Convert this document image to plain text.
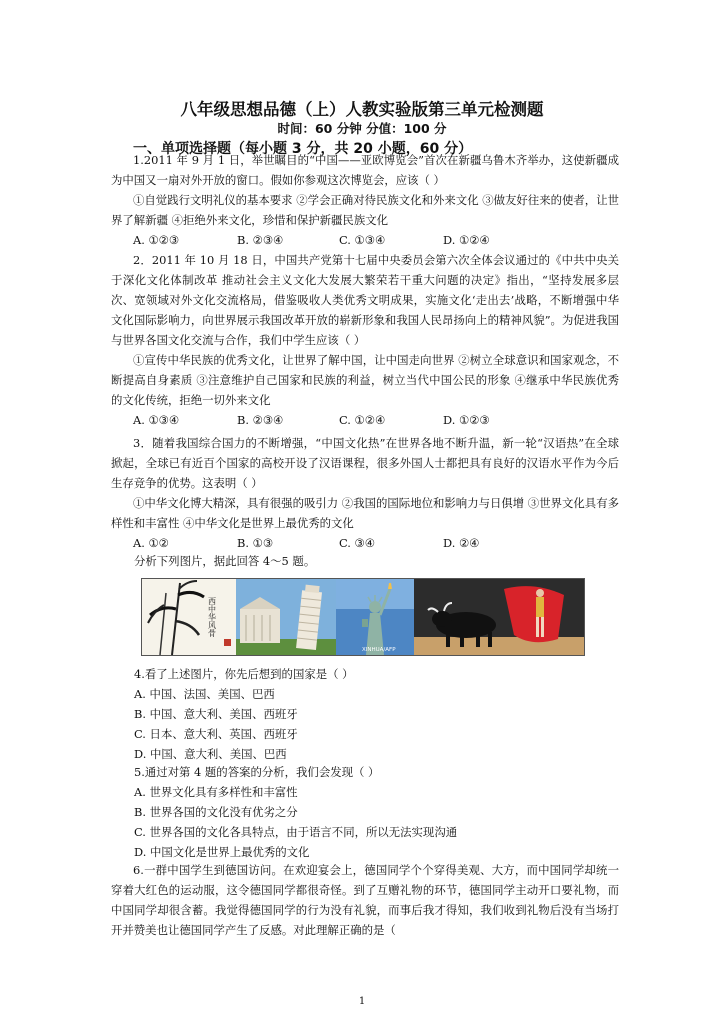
八年级思想品德（上）人教实验版第三单元检测题
时间：60 分钟 分值：100 分
一、单项选择题（每小题 3 分，共 20 小题，60 分）
1.2011 年 9 月 1 日，举世瞩目的“中国——亚欧博览会”首次在新疆乌鲁木齐举办，这使新疆成为中国又一扇对外开放的窗口。假如你参观这次博览会，应该（ ）
①自觉践行文明礼仪的基本要求 ②学会正确对待民族文化和外来文化 ③做友好往来的使者，让世界了解新疆 ④拒绝外来文化，珍惜和保护新疆民族文化
A. ①②③	B. ②③④	C. ①③④	D. ①②④
2．2011 年 10 月 18 日，中国共产党第十七届中央委员会第六次全体会议通过的《中共中央关于深化文化体制改革 推动社会主义文化大发展大繁荣若干重大问题的决定》指出，“坚持发展多层次、宽领域对外文化交流格局，借鉴吸收人类优秀文明成果，实施文化‘走出去’战略，不断增强中华文化国际影响力，向世界展示我国改革开放的崭新形象和我国人民昂扬向上的精神风貌”。为促进我国与世界各国文化交流与合作，我们中学生应该（ ）
①宣传中华民族的优秀文化，让世界了解中国，让中国走向世界 ②树立全球意识和国家观念，不断提高自身素质 ③注意维护自己国家和民族的利益，树立当代中国公民的形象 ④继承中华民族优秀的文化传统，拒绝一切外来文化
A. ①③④	B. ②③④	C. ①②④	D. ①②③
3．随着我国综合国力的不断增强，“中国文化热”在世界各地不断升温，新一轮“汉语热”在全球掀起，全球已有近百个国家的高校开设了汉语课程，很多外国人士都把具有良好的汉语水平作为今后生存竞争的优势。这表明（ ）
①中华文化博大精深，具有很强的吸引力 ②我国的国际地位和影响力与日俱增 ③世界文化具有多样性和丰富性 ④中华文化是世界上最优秀的文化
A. ①②	B. ①③	C. ③④	D. ②④
分析下列图片，据此回答 4～5 题。
西中华风骨
XINHUA/AFP
4.看了上述图片，你先后想到的国家是（ ）
A. 中国、法国、美国、巴西
B. 中国、意大利、美国、西班牙
C. 日本、意大利、英国、西班牙
D. 中国、意大利、美国、巴西
5.通过对第 4 题的答案的分析，我们会发现（ ）
A. 世界文化具有多样性和丰富性
B. 世界各国的文化没有优劣之分
C. 世界各国的文化各具特点，由于语言不同，所以无法实现沟通
D. 中国文化是世界上最优秀的文化
6.一群中国学生到德国访问。在欢迎宴会上，德国同学个个穿得美观、大方，而中国同学却统一穿着大红色的运动服，这令德国同学都很奇怪。到了互赠礼物的环节，德国同学主动开口要礼物，而中国同学却很含蓄。我觉得德国同学的行为没有礼貌，而事后我才得知，我们收到礼物后没有当场打开并赞美也让德国同学产生了反感。对此理解正确的是（
1
